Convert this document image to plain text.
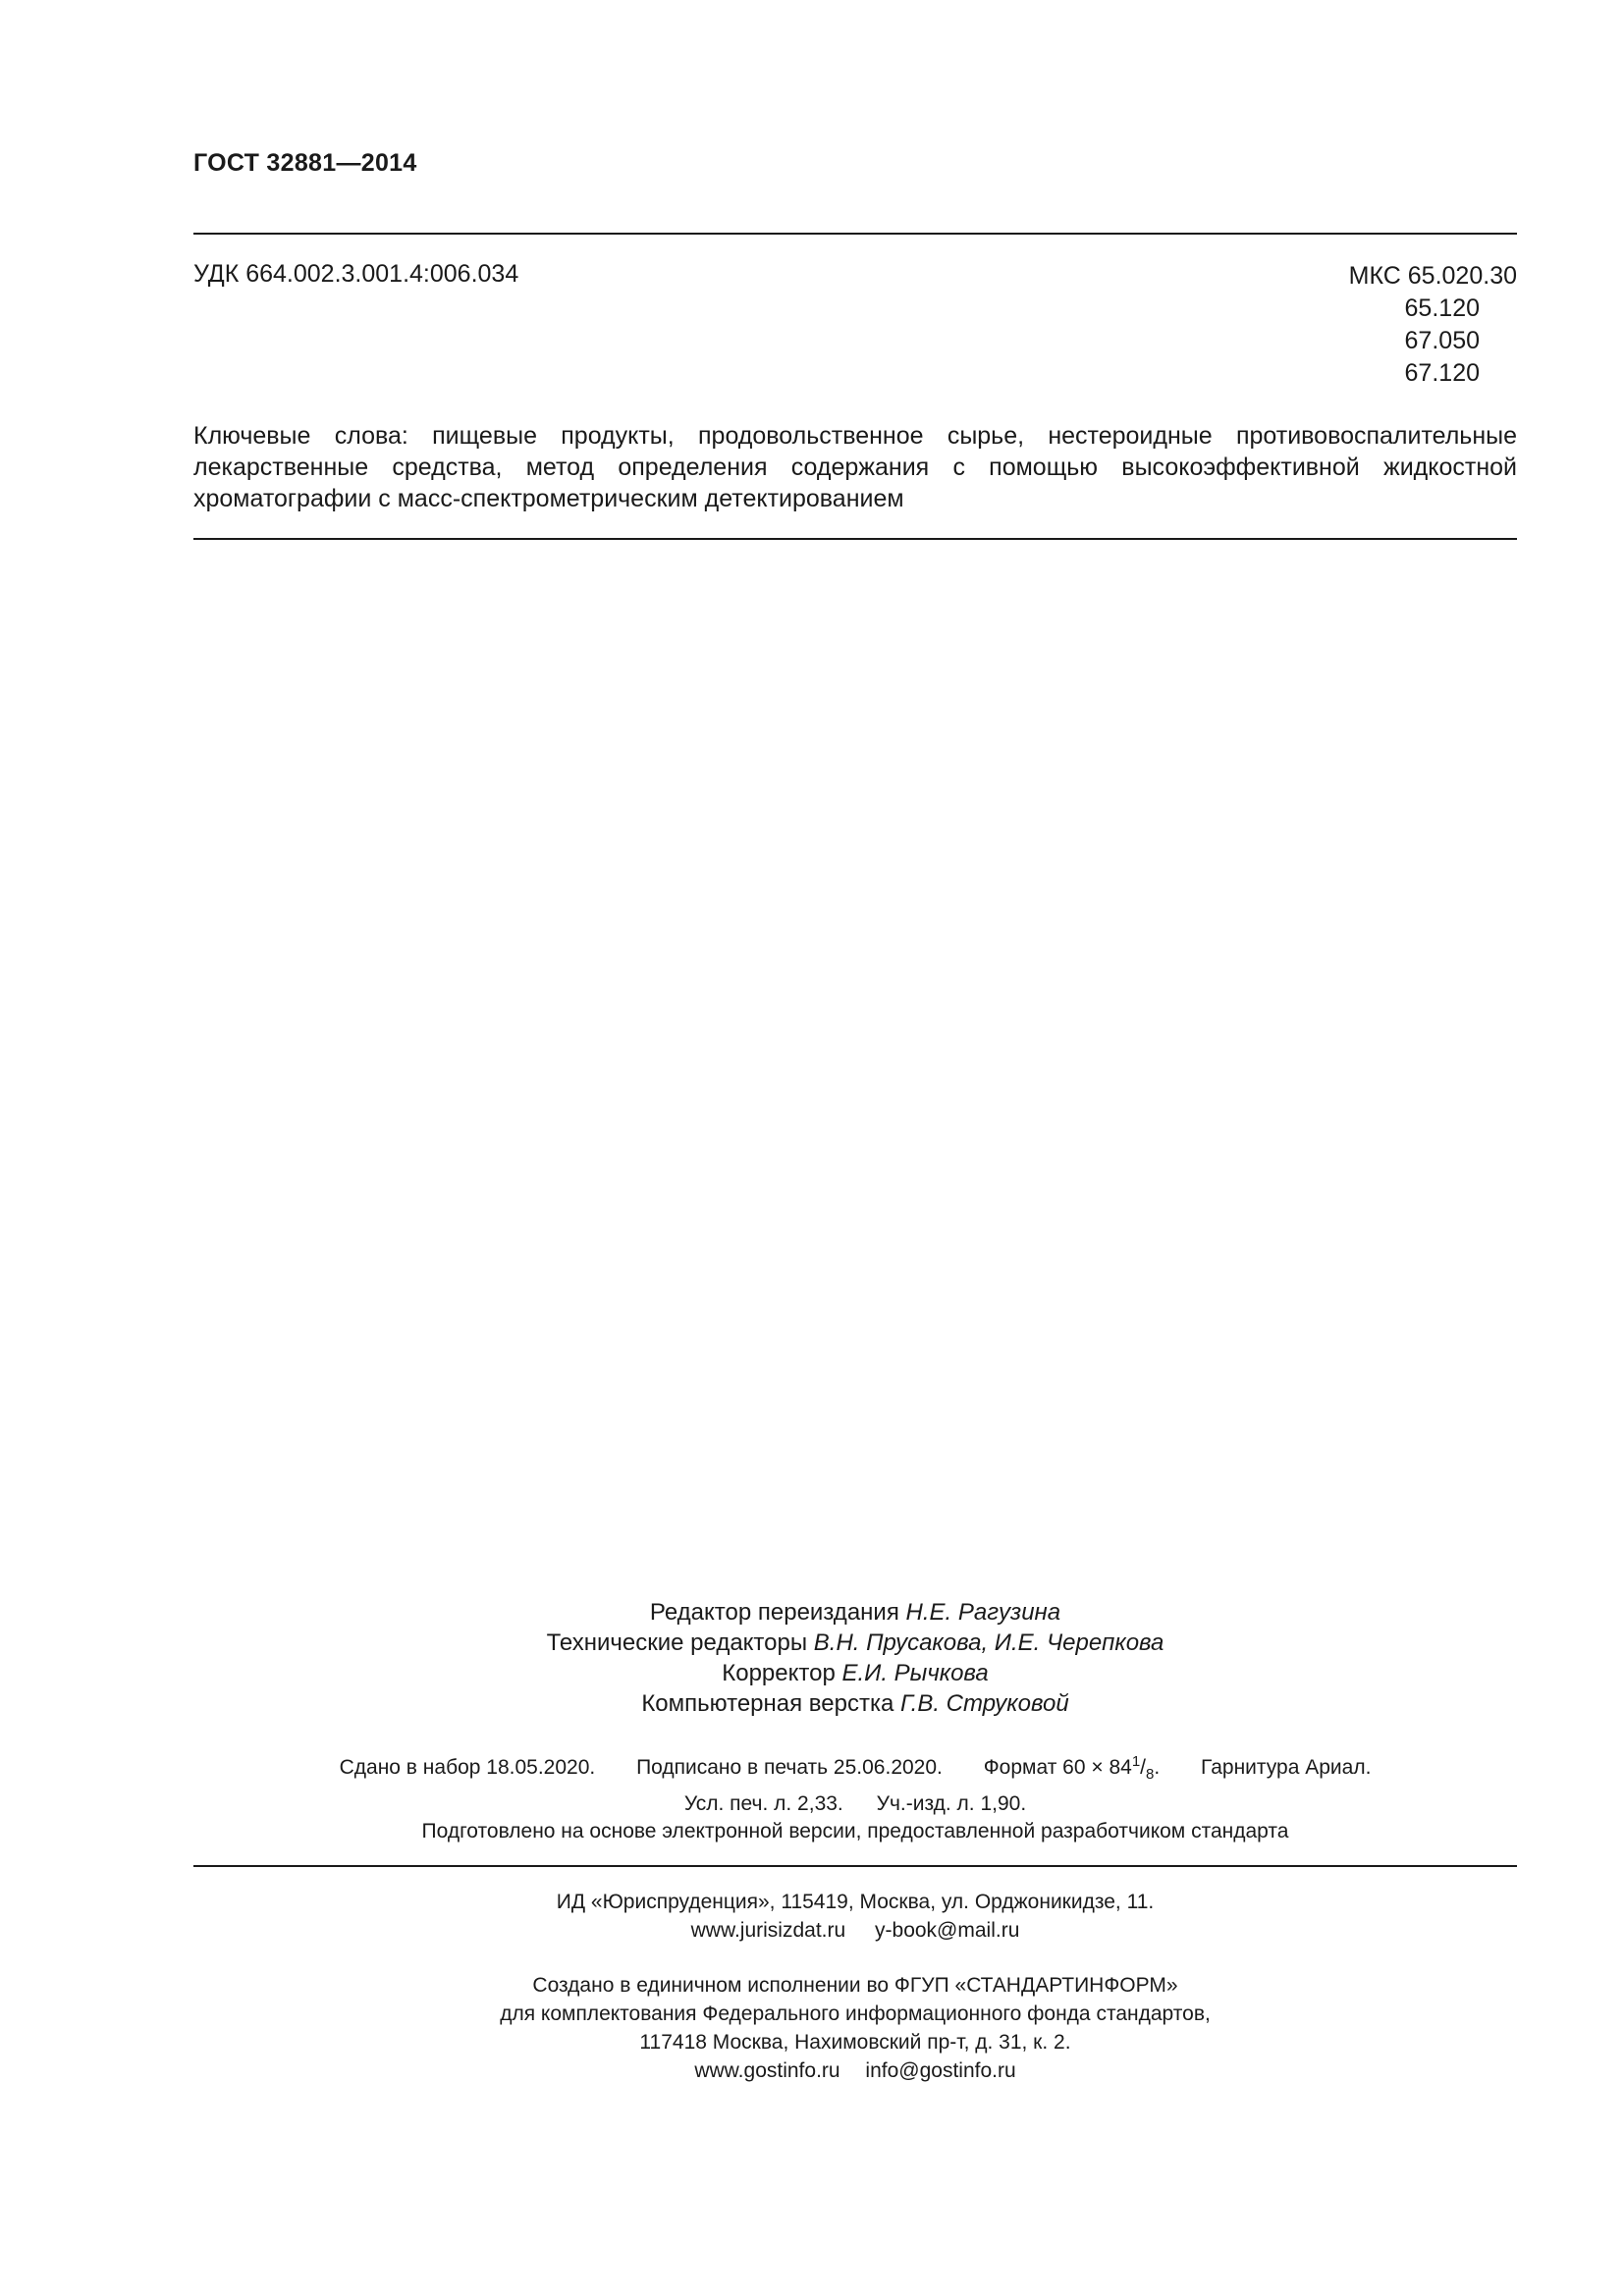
ГОСТ 32881—2014
УДК 664.002.3.001.4:006.034	МКС 65.020.30
65.120
67.050
67.120
Ключевые слова: пищевые продукты, продовольственное сырье, нестероидные противовоспалительные лекарственные средства, метод определения содержания с помощью высокоэффективной жидкостной хроматографии с масс-спектрометрическим детектированием
Редактор переиздания Н.Е. Рагузина
Технические редакторы В.Н. Прусакова, И.Е. Черепкова
Корректор Е.И. Рычкова
Компьютерная верстка Г.В. Струковой
Сдано в набор 18.05.2020. Подписано в печать 25.06.2020. Формат $60 \times 84^1/_8$. Гарнитура Ариал.
Усл. печ. л. 2,33. Уч.-изд. л. 1,90.
Подготовлено на основе электронной версии, предоставленной разработчиком стандарта
ИД «Юриспруденция», 115419, Москва, ул. Орджоникидзе, 11.
www.jurisizdat.ru y-book@mail.ru
Создано в единичном исполнении во ФГУП «СТАНДАРТИНФОРМ»
для комплектования Федерального информационного фонда стандартов,
117418 Москва, Нахимовский пр-т, д. 31, к. 2.
www.gostinfo.ru info@gostinfo.ru
